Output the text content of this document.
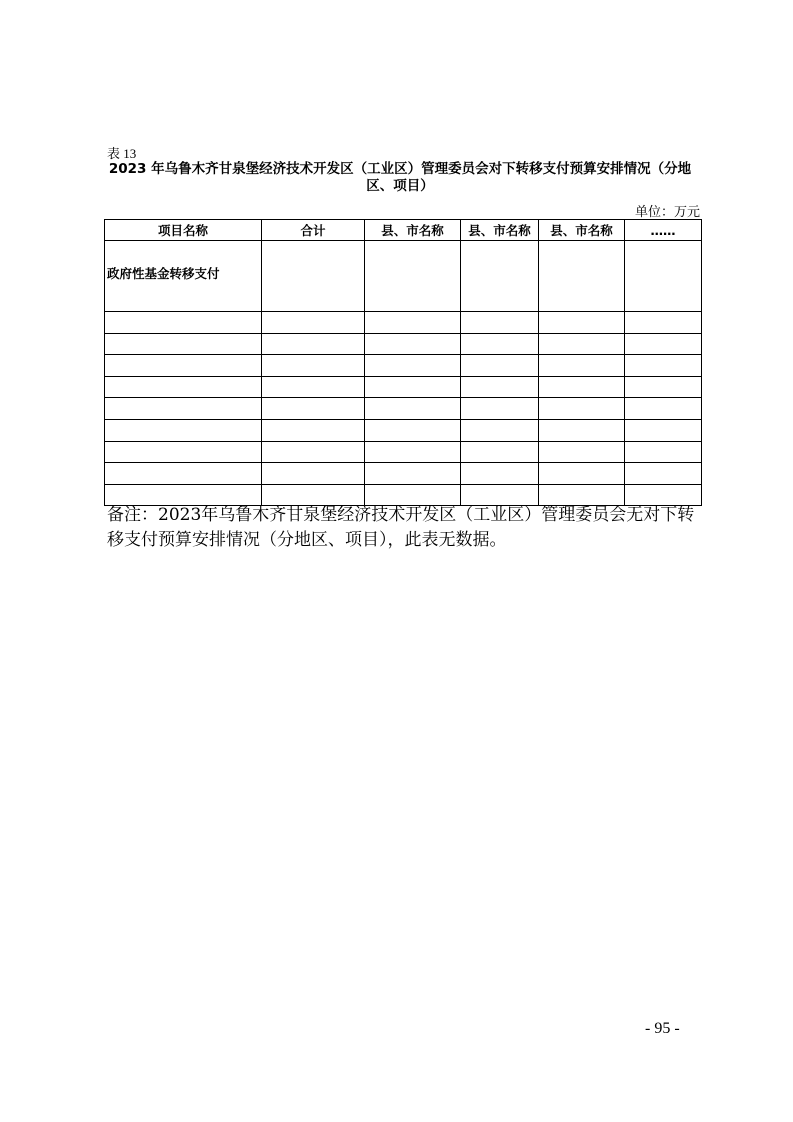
表 13
2023 年乌鲁木齐甘泉堡经济技术开发区（工业区）管理委员会对下转移支付预算安排情况（分地区、项目）
单位：万元
项目名称	合计	县、市名称	县、市名称	县、市名称	……
政府性基金转移支付					

备注：2023年乌鲁木齐甘泉堡经济技术开发区（工业区）管理委员会无对下转移支付预算安排情况（分地区、项目），此表无数据。
- 95 -
